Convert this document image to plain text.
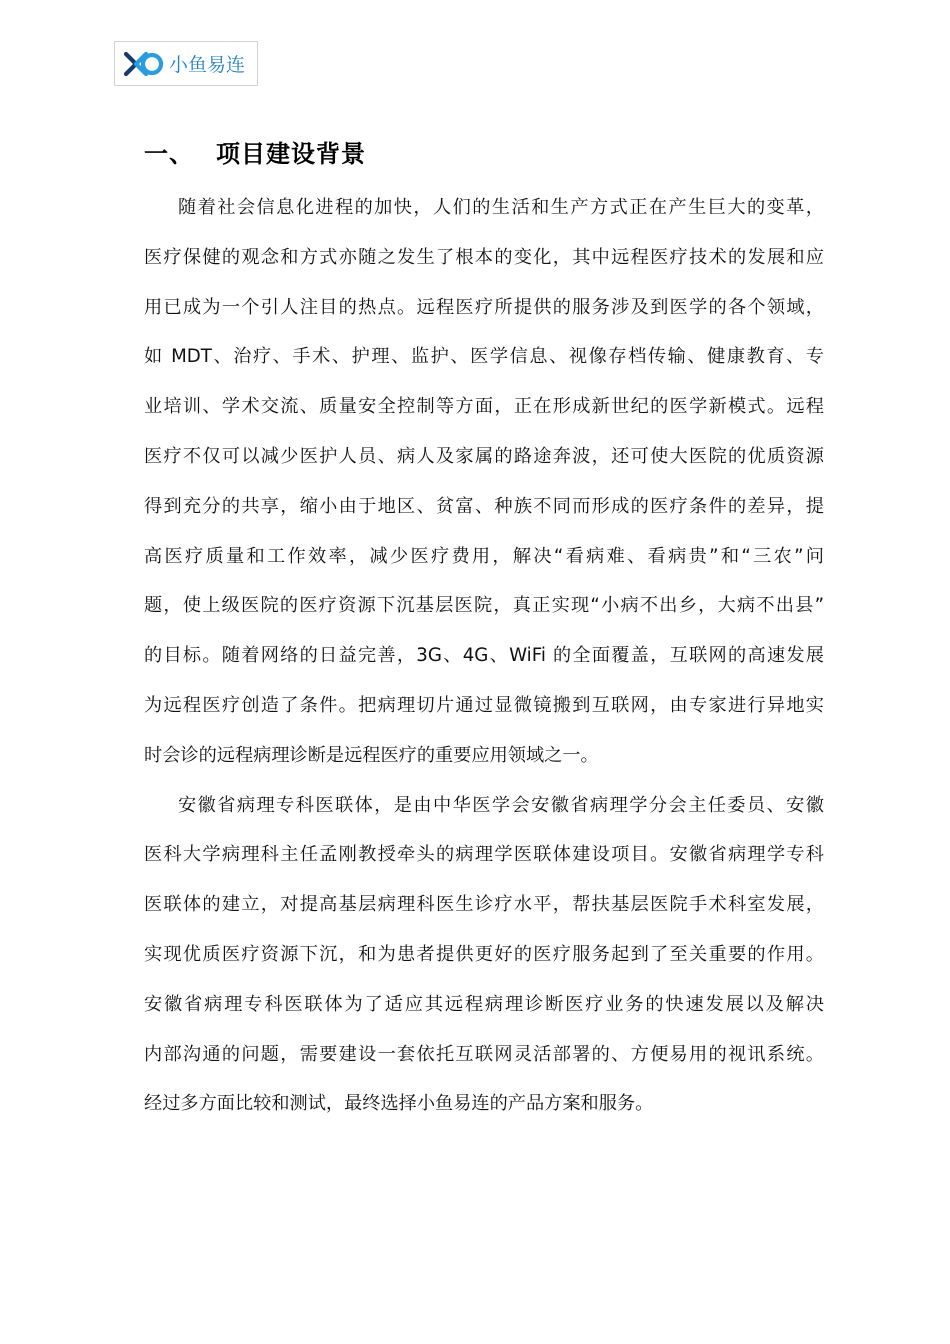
小鱼易连
一、 项目建设背景
随着社会信息化进程的加快，人们的生活和生产方式正在产生巨大的变革，
医疗保健的观念和方式亦随之发生了根本的变化，其中远程医疗技术的发展和应
用已成为一个引人注目的热点。远程医疗所提供的服务涉及到医学的各个领域，
如 MDT、治疗、手术、护理、监护、医学信息、视像存档传输、健康教育、专
业培训、学术交流、质量安全控制等方面，正在形成新世纪的医学新模式。远程
医疗不仅可以减少医护人员、病人及家属的路途奔波，还可使大医院的优质资源
得到充分的共享，缩小由于地区、贫富、种族不同而形成的医疗条件的差异，提
高医疗质量和工作效率，减少医疗费用，解决“看病难、看病贵”和“三农”问
题，使上级医院的医疗资源下沉基层医院，真正实现“小病不出乡，大病不出县”
的目标。随着网络的日益完善，3G、4G、WiFi 的全面覆盖，互联网的高速发展
为远程医疗创造了条件。把病理切片通过显微镜搬到互联网，由专家进行异地实
时会诊的远程病理诊断是远程医疗的重要应用领域之一。
安徽省病理专科医联体，是由中华医学会安徽省病理学分会主任委员、安徽
医科大学病理科主任孟刚教授牵头的病理学医联体建设项目。安徽省病理学专科
医联体的建立，对提高基层病理科医生诊疗水平，帮扶基层医院手术科室发展，
实现优质医疗资源下沉，和为患者提供更好的医疗服务起到了至关重要的作用。
安徽省病理专科医联体为了适应其远程病理诊断医疗业务的快速发展以及解决
内部沟通的问题，需要建设一套依托互联网灵活部署的、方便易用的视讯系统。
经过多方面比较和测试，最终选择小鱼易连的产品方案和服务。
